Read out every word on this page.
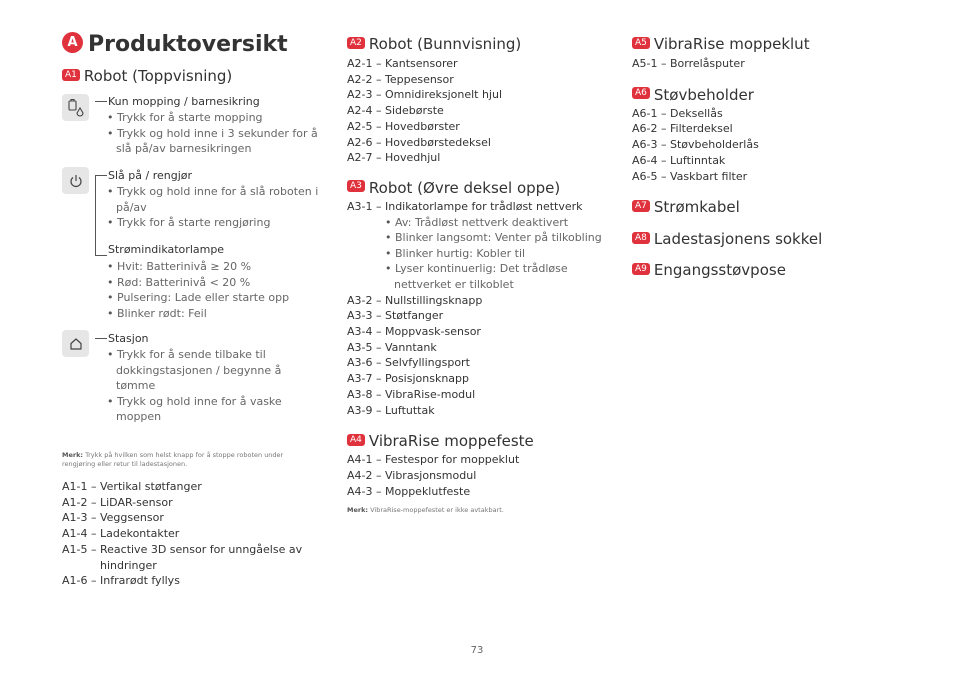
A Produktoversikt
A1 Robot (Toppvisning)
Kun mopping / barnesikring
• Trykk for å starte mopping
• Trykk og hold inne i 3 sekunder for å slå på/av barnesikringen
Slå på / rengjør
• Trykk og hold inne for å slå roboten i på/av
• Trykk for å starte rengjøring
Strømindikatorlampe
• Hvit: Batterinivå ≥ 20 %
• Rød: Batterinivå < 20 %
• Pulsering: Lade eller starte opp
• Blinker rødt: Feil
Stasjon
• Trykk for å sende tilbake til dokkingstasjonen / begynne å tømme
• Trykk og hold inne for å vaske moppen
Merk: Trykk på hvilken som helst knapp for å stoppe roboten under rengjøring eller retur til ladestasjonen.
A1-1 – Vertikal støtfanger
A1-2 – LiDAR-sensor
A1-3 – Veggsensor
A1-4 – Ladekontakter
A1-5 – Reactive 3D sensor for unngåelse av hindringer
A1-6 – Infrarødt fyllys
A2 Robot (Bunnvisning)
A2-1 – Kantsensorer
A2-2 – Teppesensor
A2-3 – Omnidireksjonelt hjul
A2-4 – Sidebørste
A2-5 – Hovedbørster
A2-6 – Hovedbørstedeksel
A2-7 – Hovedhjul
A3 Robot (Øvre deksel oppe)
A3-1 – Indikatorlampe for trådløst nettverk
• Av: Trådløst nettverk deaktivert
• Blinker langsomt: Venter på tilkobling
• Blinker hurtig: Kobler til
• Lyser kontinuerlig: Det trådløse nettverket er tilkoblet
A3-2 – Nullstillingsknapp
A3-3 – Støtfanger
A3-4 – Moppvask-sensor
A3-5 – Vanntank
A3-6 – Selvfyllingsport
A3-7 – Posisjonsknapp
A3-8 – VibraRise-modul
A3-9 – Luftuttak
A4 VibraRise moppefeste
A4-1 – Festespor for moppeklut
A4-2 – Vibrasjonsmodul
A4-3 – Moppeklutfeste
Merk: VibraRise-moppefestet er ikke avtakbart.
A5 VibraRise moppeklut
A5-1 – Borrelåsputer
A6 Støvbeholder
A6-1 – Deksellås
A6-2 – Filterdeksel
A6-3 – Støvbeholderlås
A6-4 – Luftinntak
A6-5 – Vaskbart filter
A7 Strømkabel
A8 Ladestasjonens sokkel
A9 Engangsstøvpose
73
